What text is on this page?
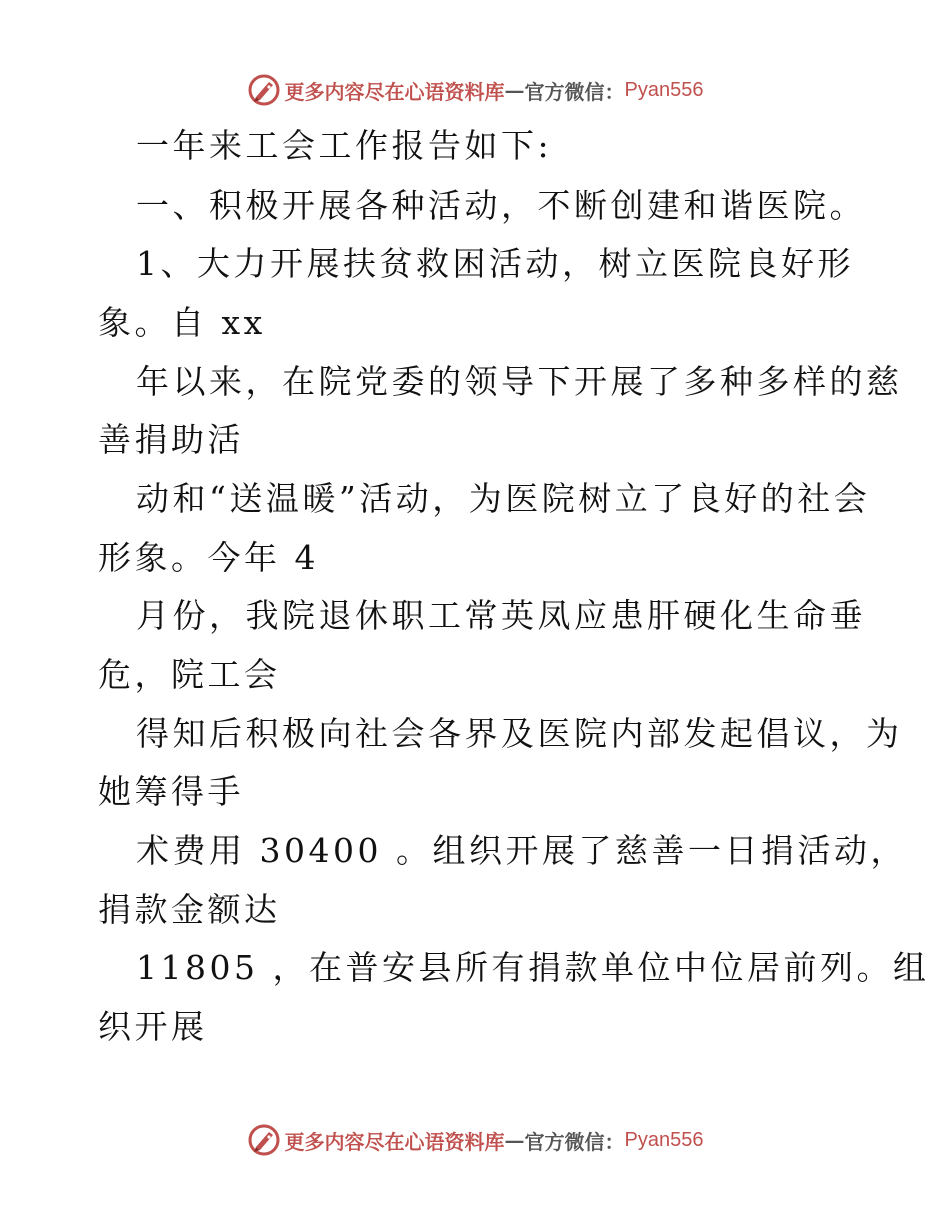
更多内容尽在心语资料库 — 官方微信： Pyan556
一年来工会工作报告如下:
一、积极开展各种活动，不断创建和谐医院。
1、大力开展扶贫救困活动，树立医院良好形
象。自 xx
年以来，在院党委的领导下开展了多种多样的慈
善捐助活
动和“送温暖”活动，为医院树立了良好的社会
形象。今年 4
月份，我院退休职工常英凤应患肝硬化生命垂
危，院工会
得知后积极向社会各界及医院内部发起倡议，为
她筹得手
术费用 30400 。组织开展了慈善一日捐活动，
捐款金额达
11805 ，在普安县所有捐款单位中位居前列。组
织开展
更多内容尽在心语资料库 — 官方微信： Pyan556
